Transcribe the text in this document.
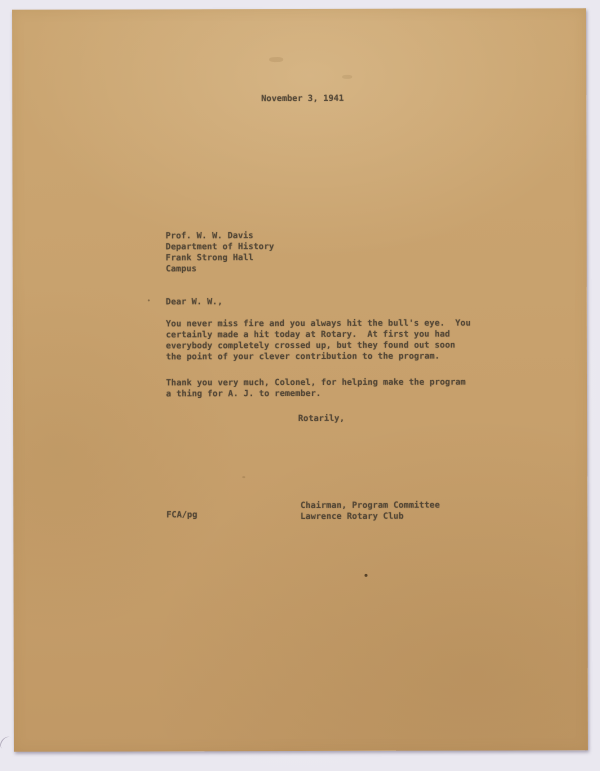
November 3, 1941
Prof. W. W. Davis
Department of History
Frank Strong Hall
Campus
Dear W. W.,
You never miss fire and you always hit the bull's eye.  You
certainly made a hit today at Rotary.  At first you had
everybody completely crossed up, but they found out soon
the point of your clever contribution to the program.
Thank you very much, Colonel, for helping make the program
a thing for A. J. to remember.
Rotarily,
Chairman, Program Committee
Lawrence Rotary Club
FCA/pg
